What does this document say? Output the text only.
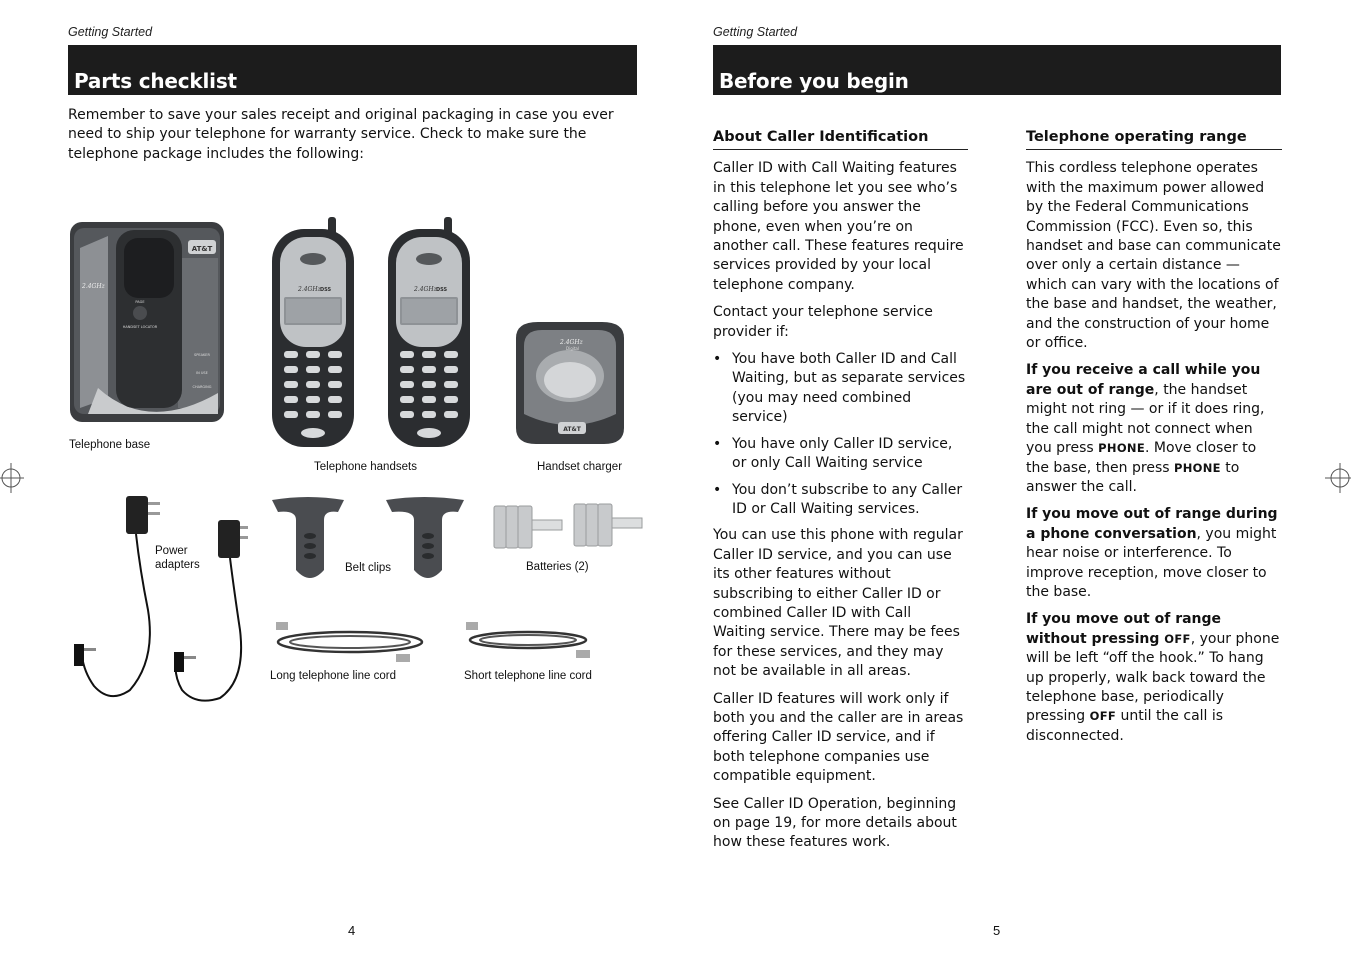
Getting Started
Parts checklist
Remember to save your sales receipt and original packaging in case you ever need to ship your telephone for warranty service. Check to make sure the telephone package includes the following:
AT&T
2.4GHz
PAGE
HANDSET LOCATOR
SPEAKER
IN USE
CHARGING
Telephone base
2.4GHz DSS	2.4GHz DSS
Telephone handsets
2.4GHz
Digital
AT&T
Handset charger
Power
adapters	Belt clips	Batteries (2)
Long telephone line cord	Short telephone line cord
4
Getting Started
Before you begin
About Caller Identification

Caller ID with Call Waiting features in this telephone let you see who’s calling before you answer the phone, even when you’re on another call. These features require services provided by your local telephone company.

Contact your telephone service provider if:

• You have both Caller ID and Call Waiting, but as separate services (you may need combined service)
• You have only Caller ID service, or only Call Waiting service
• You don’t subscribe to any Caller ID or Call Waiting services.

You can use this phone with regular Caller ID service, and you can use its other features without subscribing to either Caller ID or combined Caller ID with Call Waiting service. There may be fees for these services, and they may not be available in all areas.

Caller ID features will work only if both you and the caller are in areas offering Caller ID service, and if both telephone companies use compatible equipment.

See Caller ID Operation, beginning on page 19, for more details about how these features work.

Telephone operating range

This cordless telephone operates with the maximum power allowed by the Federal Communications Commission (FCC). Even so, this handset and base can communicate over only a certain distance — which can vary with the locations of the base and handset, the weather, and the construction of your home or office.

If you receive a call while you are out of range, the handset might not ring — or if it does ring, the call might not connect when you press PHONE. Move closer to the base, then press PHONE to answer the call.

If you move out of range during a phone conversation, you might hear noise or interference. To improve reception, move closer to the base.

If you move out of range without pressing OFF, your phone will be left “off the hook.” To hang up properly, walk back toward the telephone base, periodically pressing OFF until the call is disconnected.

5
